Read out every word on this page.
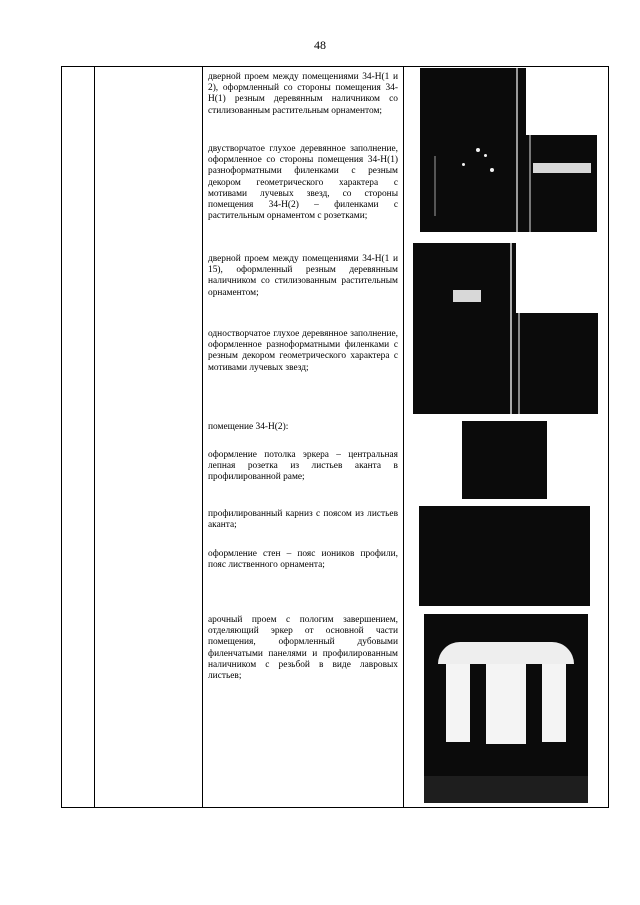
48
дверной проем между помещениями 34-Н(1 и 2), оформленный со стороны помещения 34-Н(1) резным деревянным наличником со стилизованным растительным орнаментом;
двустворчатое глухое деревянное заполнение, оформленное со стороны помещения 34-Н(1) разноформатными филенками с резным декором геометрического характера с мотивами лучевых звезд, со стороны помещения 34-Н(2) – филенками с растительным орнаментом с розетками;
дверной проем между помещениями 34-Н(1 и 15), оформленный резным деревянным наличником со стилизованным растительным орнаментом;
одностворчатое глухое деревянное заполнение, оформленное разноформатными филенками с резным декором геометрического характера с мотивами лучевых звезд;
помещение 34-Н(2):
оформление потолка эркера – центральная лепная розетка из листьев аканта в профилированной раме;
профилированный карниз с поясом из листьев аканта;
оформление стен – пояс иоников профили, пояс лиственного орнамента;
арочный проем с пологим завершением, отделяющий эркер от основной части помещения, оформленный дубовыми филенчатыми панелями и профилированным наличником с резьбой в виде лавровых листьев;
